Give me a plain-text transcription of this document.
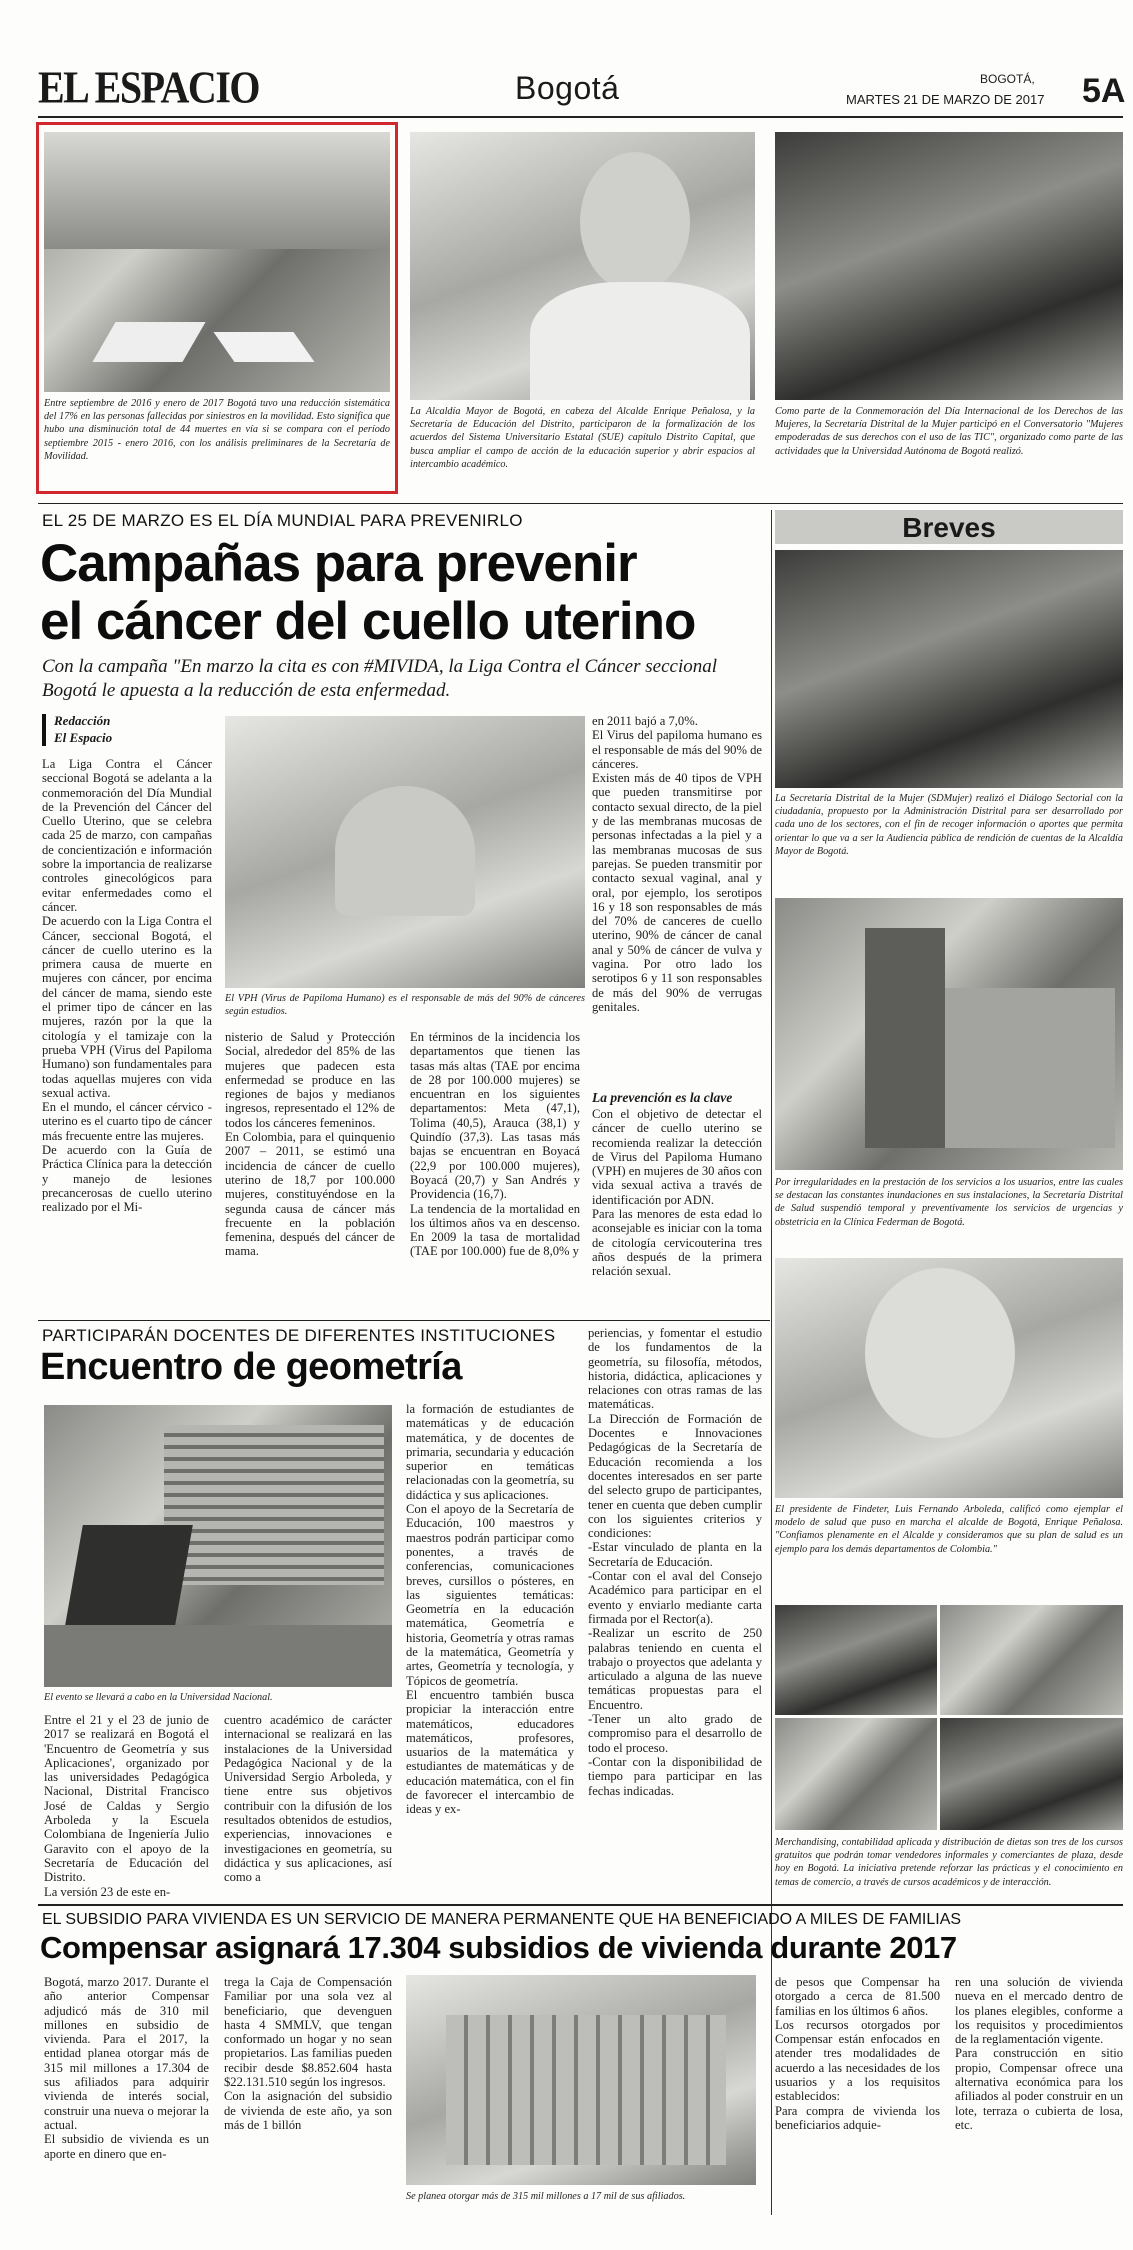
EL ESPACIO	Bogotá	BOGOTÁ,
MARTES 21 DE MARZO DE 2017 5A
Entre septiembre de 2016 y enero de 2017 Bogotá tuvo una reducción sistemática del 17% en las personas fallecidas por siniestros en la movilidad. Esto significa que hubo una disminución total de 44 muertes en vía si se compara con el período septiembre 2015 - enero 2016, con los análisis preliminares de la Secretaría de Movilidad.
La Alcaldía Mayor de Bogotá, en cabeza del Alcalde Enrique Peñalosa, y la Secretaría de Educación del Distrito, participaron de la formalización de los acuerdos del Sistema Universitario Estatal (SUE) capítulo Distrito Capital, que busca ampliar el campo de acción de la educación superior y abrir espacios al intercambio académico.
Como parte de la Conmemoración del Día Internacional de los Derechos de las Mujeres, la Secretaría Distrital de la Mujer participó en el Conversatorio "Mujeres empoderadas de sus derechos con el uso de las TIC", organizado como parte de las actividades que la Universidad Autónoma de Bogotá realizó.
EL 25 DE MARZO ES EL DÍA MUNDIAL PARA PREVENIRLO
Campañas para prevenir
el cáncer del cuello uterino
Con la campaña "En marzo la cita es con #MIVIDA, la Liga Contra el Cáncer seccional Bogotá le apuesta a la reducción de esta enfermedad.
Redacción
El Espacio
La Liga Contra el Cáncer seccional Bogotá se adelanta a la conmemoración del Día Mundial de la Prevención del Cáncer del Cuello Uterino, que se celebra cada 25 de marzo, con campañas de concientización e información sobre la importancia de realizarse controles ginecológicos para evitar enfermedades como el cáncer.
De acuerdo con la Liga Contra el Cáncer, seccional Bogotá, el cáncer de cuello uterino es la primera causa de muerte en mujeres con cáncer, por encima del cáncer de mama, siendo este el primer tipo de cáncer en las mujeres, razón por la que la citología y el tamizaje con la prueba VPH (Virus del Papiloma Humano) son fundamentales para todas aquellas mujeres con vida sexual activa.
En el mundo, el cáncer cérvico -uterino es el cuarto tipo de cáncer más frecuente entre las mujeres.
De acuerdo con la Guía de Práctica Clínica para la detección y manejo de lesiones precancerosas de cuello uterino realizado por el Mi-
El VPH (Virus de Papiloma Humano) es el responsable de más del 90% de cánceres según estudios.
nisterio de Salud y Protección Social, alrededor del 85% de las mujeres que padecen esta enfermedad se produce en las regiones de bajos y medianos ingresos, representado el 12% de todos los cánceres femeninos.
En Colombia, para el quinquenio 2007 – 2011, se estimó una incidencia de cáncer de cuello uterino de 18,7 por 100.000 mujeres, constituyéndose en la segunda causa de cáncer más frecuente en la población femenina, después del cáncer de mama.
En términos de la incidencia los departamentos que tienen las tasas más altas (TAE por encima de 28 por 100.000 mujeres) se encuentran en los siguientes departamentos: Meta (47,1), Tolima (40,5), Arauca (38,1) y Quindío (37,3). Las tasas más bajas se encuentran en Boyacá (22,9 por 100.000 mujeres), Boyacá (20,7) y San Andrés y Providencia (16,7).
La tendencia de la mortalidad en los últimos años va en descenso. En 2009 la tasa de mortalidad (TAE por 100.000) fue de 8,0% y
en 2011 bajó a 7,0%.
El Virus del papiloma humano es el responsable de más del 90% de cánceres.
Existen más de 40 tipos de VPH que pueden transmitirse por contacto sexual directo, de la piel y de las membranas mucosas de personas infectadas a la piel y a las membranas mucosas de sus parejas. Se pueden transmitir por contacto sexual vaginal, anal y oral, por ejemplo, los serotipos 16 y 18 son responsables de más del 70% de canceres de cuello uterino, 90% de cáncer de canal anal y 50% de cáncer de vulva y vagina. Por otro lado los serotipos 6 y 11 son responsables de más del 90% de verrugas genitales.
La prevención es la clave
Con el objetivo de detectar el cáncer de cuello uterino se recomienda realizar la detección de Virus del Papiloma Humano (VPH) en mujeres de 30 años con vida sexual activa a través de identificación por ADN.
Para las menores de esta edad lo aconsejable es iniciar con la toma de citología cervicouterina tres años después de la primera relación sexual.
Breves
La Secretaría Distrital de la Mujer (SDMujer) realizó el Diálogo Sectorial con la ciudadanía, propuesto por la Administración Distrital para ser desarrollado por cada uno de los sectores, con el fin de recoger información o aportes que permita orientar lo que va a ser la Audiencia pública de rendición de cuentas de la Alcaldía Mayor de Bogotá.
Por irregularidades en la prestación de los servicios a los usuarios, entre las cuales se destacan las constantes inundaciones en sus instalaciones, la Secretaría Distrital de Salud suspendió temporal y preventivamente los servicios de urgencias y obstetricia en la Clínica Federman de Bogotá.
El presidente de Findeter, Luis Fernando Arboleda, calificó como ejemplar el modelo de salud que puso en marcha el alcalde de Bogotá, Enrique Peñalosa. "Confiamos plenamente en el Alcalde y consideramos que su plan de salud es un ejemplo para los demás departamentos de Colombia."
Merchandising, contabilidad aplicada y distribución de dietas son tres de los cursos gratuitos que podrán tomar vendedores informales y comerciantes de plaza, desde hoy en Bogotá. La iniciativa pretende reforzar las prácticas y el conocimiento en temas de comercio, a través de cursos académicos y de interacción.
PARTICIPARÁN DOCENTES DE DIFERENTES INSTITUCIONES
Encuentro de geometría
El evento se llevará a cabo en la Universidad Nacional.
Entre el 21 y el 23 de junio de 2017 se realizará en Bogotá el 'Encuentro de Geometría y sus Aplicaciones', organizado por las universidades Pedagógica Nacional, Distrital Francisco José de Caldas y Sergio Arboleda y la Escuela Colombiana de Ingeniería Julio Garavito con el apoyo de la Secretaría de Educación del Distrito.
La versión 23 de este en-
cuentro académico de carácter internacional se realizará en las instalaciones de la Universidad Pedagógica Nacional y de la Universidad Sergio Arboleda, y tiene entre sus objetivos contribuir con la difusión de los resultados obtenidos de estudios, experiencias, innovaciones e investigaciones en geometría, su didáctica y sus aplicaciones, así como a
la formación de estudiantes de matemáticas y de educación matemática, y de docentes de primaria, secundaria y educación superior en temáticas relacionadas con la geometría, su didáctica y sus aplicaciones.
Con el apoyo de la Secretaría de Educación, 100 maestros y maestros podrán participar como ponentes, a través de conferencias, comunicaciones breves, cursillos o pósteres, en las siguientes temáticas: Geometría en la educación matemática, Geometría e historia, Geometría y otras ramas de la matemática, Geometría y artes, Geometría y tecnología, y Tópicos de geometría.
El encuentro también busca propiciar la interacción entre matemáticos, educadores matemáticos, profesores, usuarios de la matemática y estudiantes de matemáticas y de educación matemática, con el fin de favorecer el intercambio de ideas y ex-
periencias, y fomentar el estudio de los fundamentos de la geometría, su filosofía, métodos, historia, didáctica, aplicaciones y relaciones con otras ramas de las matemáticas.
La Dirección de Formación de Docentes e Innovaciones Pedagógicas de la Secretaría de Educación recomienda a los docentes interesados en ser parte del selecto grupo de participantes, tener en cuenta que deben cumplir con los siguientes criterios y condiciones:
-Estar vinculado de planta en la Secretaría de Educación.
-Contar con el aval del Consejo Académico para participar en el evento y enviarlo mediante carta firmada por el Rector(a).
-Realizar un escrito de 250 palabras teniendo en cuenta el trabajo o proyectos que adelanta y articulado a alguna de las nueve temáticas propuestas para el Encuentro.
-Tener un alto grado de compromiso para el desarrollo de todo el proceso.
-Contar con la disponibilidad de tiempo para participar en las fechas indicadas.
EL SUBSIDIO PARA VIVIENDA ES UN SERVICIO DE MANERA PERMANENTE QUE HA BENEFICIADO A MILES DE FAMILIAS
Compensar asignará 17.304 subsidios de vivienda durante 2017
Bogotá, marzo 2017. Durante el año anterior Compensar adjudicó más de 310 mil millones en subsidio de vivienda. Para el 2017, la entidad planea otorgar más de 315 mil millones a 17.304 de sus afiliados para adquirir vivienda de interés social, construir una nueva o mejorar la actual.
El subsidio de vivienda es un aporte en dinero que en-
trega la Caja de Compensación Familiar por una sola vez al beneficiario, que devenguen hasta 4 SMMLV, que tengan conformado un hogar y no sean propietarios. Las familias pueden recibir desde $8.852.604 hasta $22.131.510 según los ingresos.
Con la asignación del subsidio de vivienda de este año, ya son más de 1 billón
Se planea otorgar más de 315 mil millones a 17 mil de sus afiliados.
de pesos que Compensar ha otorgado a cerca de 81.500 familias en los últimos 6 años.
Los recursos otorgados por Compensar están enfocados en atender tres modalidades de acuerdo a las necesidades de los usuarios y a los requisitos establecidos:
Para compra de vivienda los beneficiarios adquie-
ren una solución de vivienda nueva en el mercado dentro de los planes elegibles, conforme a los requisitos y procedimientos de la reglamentación vigente.
Para construcción en sitio propio, Compensar ofrece una alternativa económica para los afiliados al poder construir en un lote, terraza o cubierta de losa, etc.
